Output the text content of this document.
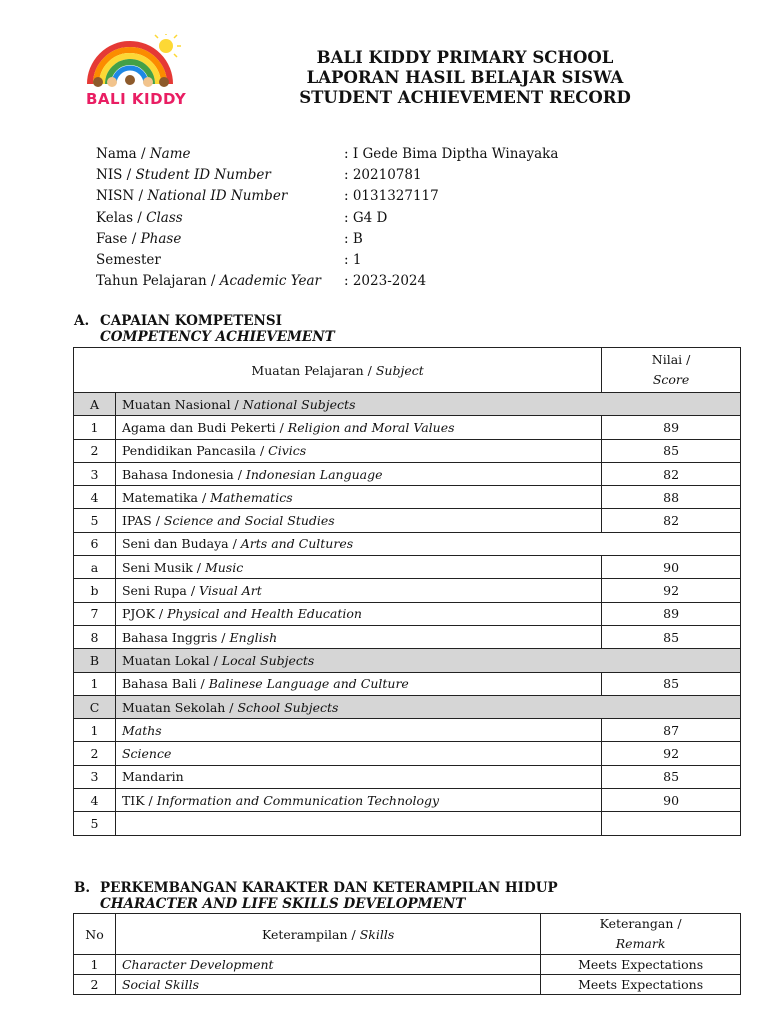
BALI KIDDY
BALI KIDDY PRIMARY SCHOOL
LAPORAN HASIL BELAJAR SISWA
STUDENT ACHIEVEMENT RECORD
Nama / Name	: I Gede Bima Diptha Winayaka
NIS / Student ID Number	: 20210781
NISN / National ID Number	: 0131327117
Kelas / Class	: G4 D
Fase / Phase	: B
Semester	: 1
Tahun Pelajaran / Academic Year : 2023-2024
A. CAPAIAN KOMPETENSI
COMPETENCY ACHIEVEMENT
Muatan Pelajaran / Subject		Nilai /
Score
A	Muatan Nasional / National Subjects	
1	Agama dan Budi Pekerti / Religion and Moral Values	89
2	Pendidikan Pancasila / Civics	85
3	Bahasa Indonesia / Indonesian Language	82
4	Matematika / Mathematics	88
5	IPAS / Science and Social Studies	82
6	Seni dan Budaya / Arts and Cultures	
a	Seni Musik / Music	90
b	Seni Rupa / Visual Art	92
7	PJOK / Physical and Health Education	89
8	Bahasa Inggris / English	85
B	Muatan Lokal / Local Subjects	
1	Bahasa Bali / Balinese Language and Culture	85
C	Muatan Sekolah / School Subjects	
1	Maths	87
2	Science	92
3	Mandarin	85
4	TIK / Information and Communication Technology	90
5		
B. PERKEMBANGAN KARAKTER DAN KETERAMPILAN HIDUP
CHARACTER AND LIFE SKILLS DEVELOPMENT
No	Keterampilan / Skills	Keterangan /
Remark
1	Character Development	Meets Expectations
2	Social Skills	Meets Expectations
